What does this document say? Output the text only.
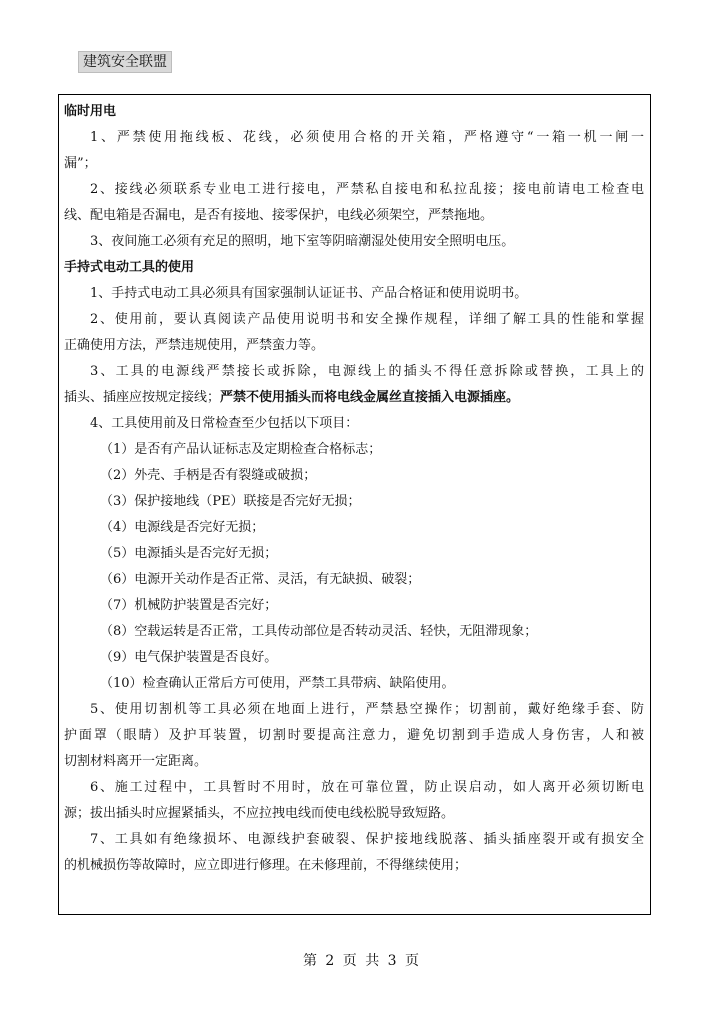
建筑安全联盟
临时用电
1、严禁使用拖线板、花线，必须使用合格的开关箱，严格遵守“一箱一机一闸一
漏”；
2、接线必须联系专业电工进行接电，严禁私自接电和私拉乱接；接电前请电工检查电
线、配电箱是否漏电，是否有接地、接零保护，电线必须架空，严禁拖地。
3、夜间施工必须有充足的照明，地下室等阴暗潮湿处使用安全照明电压。
手持式电动工具的使用
1、手持式电动工具必须具有国家强制认证证书、产品合格证和使用说明书。
2、使用前，要认真阅读产品使用说明书和安全操作规程，详细了解工具的性能和掌握
正确使用方法，严禁违规使用，严禁蛮力等。
3、工具的电源线严禁接长或拆除，电源线上的插头不得任意拆除或替换，工具上的
插头、插座应按规定接线；严禁不使用插头而将电线金属丝直接插入电源插座。
4、工具使用前及日常检查至少包括以下项目：
（1）是否有产品认证标志及定期检查合格标志；
（2）外壳、手柄是否有裂缝或破损；
（3）保护接地线（PE）联接是否完好无损；
（4）电源线是否完好无损；
（5）电源插头是否完好无损；
（6）电源开关动作是否正常、灵活，有无缺损、破裂；
（7）机械防护装置是否完好；
（8）空载运转是否正常，工具传动部位是否转动灵活、轻快，无阻滞现象；
（9）电气保护装置是否良好。
（10）检查确认正常后方可使用，严禁工具带病、缺陷使用。
5、使用切割机等工具必须在地面上进行，严禁悬空操作；切割前，戴好绝缘手套、防
护面罩（眼睛）及护耳装置，切割时要提高注意力，避免切割到手造成人身伤害，人和被
切割材料离开一定距离。
6、施工过程中，工具暂时不用时，放在可靠位置，防止误启动，如人离开必须切断电
源；拔出插头时应握紧插头，不应拉拽电线而使电线松脱导致短路。
7、工具如有绝缘损坏、电源线护套破裂、保护接地线脱落、插头插座裂开或有损安全
的机械损伤等故障时，应立即进行修理。在未修理前，不得继续使用；
第 2 页 共 3 页
